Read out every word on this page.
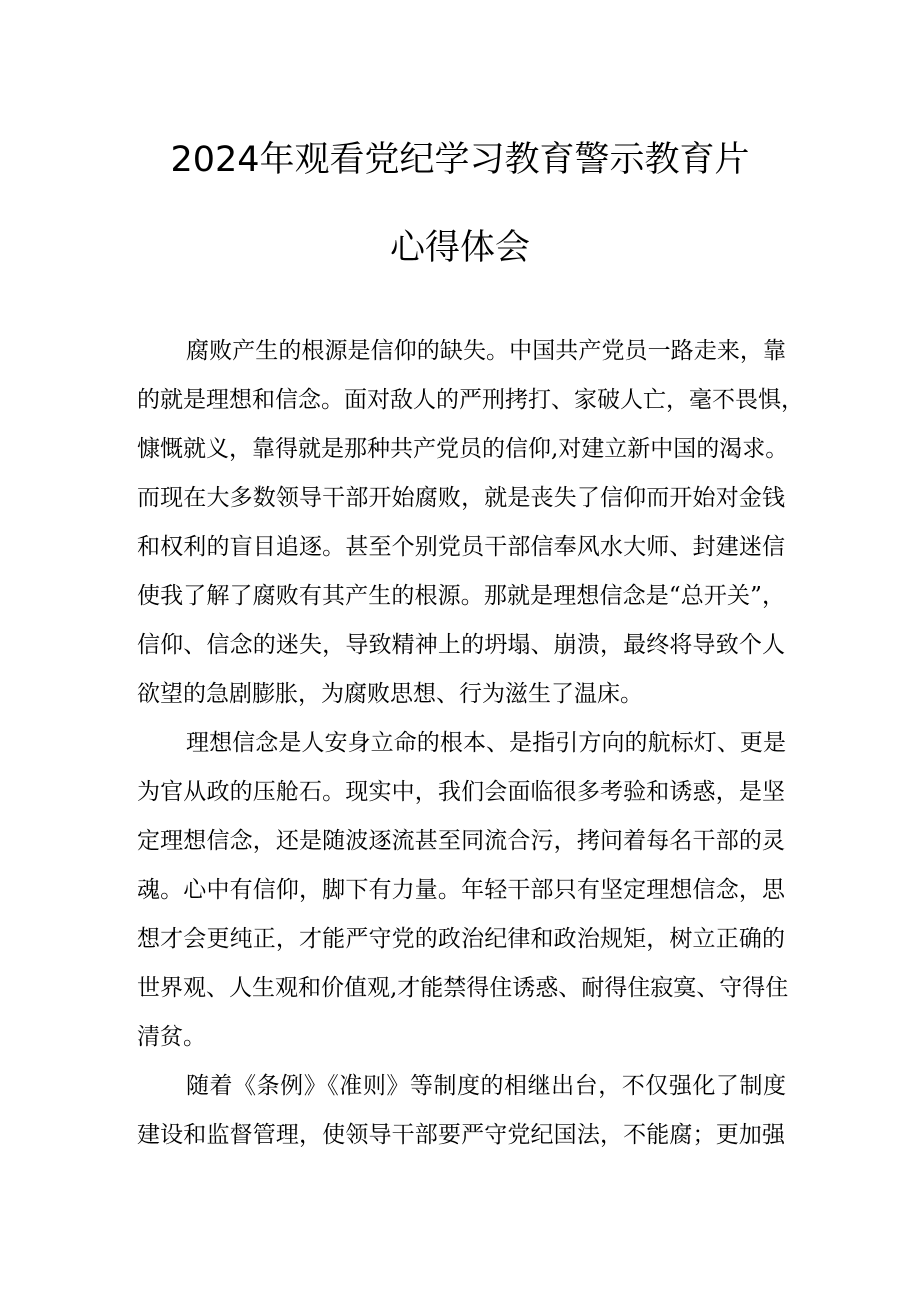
2024年观看党纪学习教育警示教育片
心得体会
腐败产生的根源是信仰的缺失。中国共产党员一路走来，靠
的就是理想和信念。面对敌人的严刑拷打、家破人亡，毫不畏惧，
慷慨就义，靠得就是那种共产党员的信仰,对建立新中国的渴求。
而现在大多数领导干部开始腐败，就是丧失了信仰而开始对金钱
和权利的盲目追逐。甚至个别党员干部信奉风水大师、封建迷信
使我了解了腐败有其产生的根源。那就是理想信念是“总开关”，
信仰、信念的迷失，导致精神上的坍塌、崩溃，最终将导致个人
欲望的急剧膨胀，为腐败思想、行为滋生了温床。
理想信念是人安身立命的根本、是指引方向的航标灯、更是
为官从政的压舱石。现实中，我们会面临很多考验和诱惑，是坚
定理想信念，还是随波逐流甚至同流合污，拷问着每名干部的灵
魂。心中有信仰，脚下有力量。年轻干部只有坚定理想信念，思
想才会更纯正，才能严守党的政治纪律和政治规矩，树立正确的
世界观、人生观和价值观,才能禁得住诱惑、耐得住寂寞、守得住
清贫。
随着《条例》《准则》等制度的相继出台，不仅强化了制度
建设和监督管理，使领导干部要严守党纪国法，不能腐；更加强
